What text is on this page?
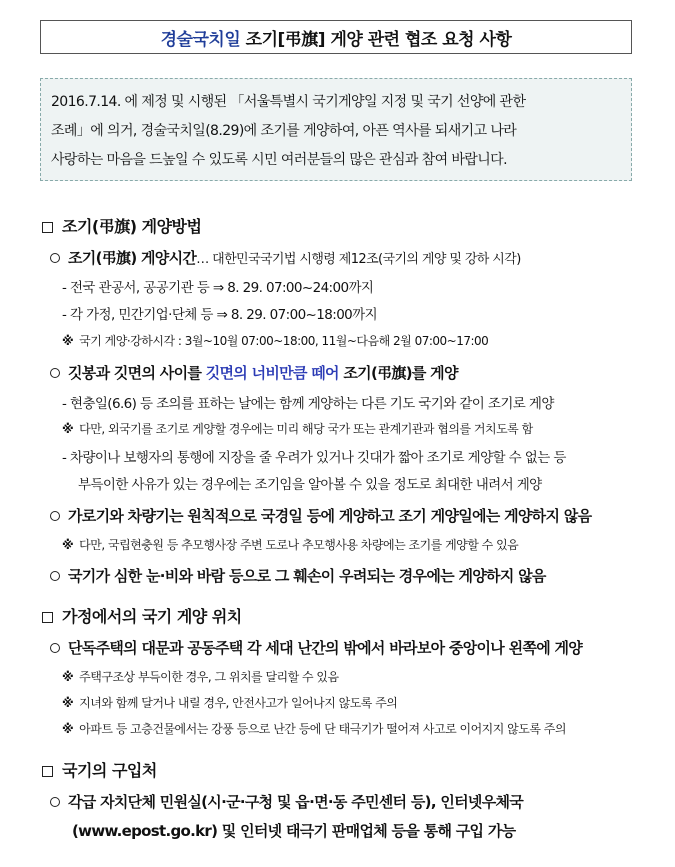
경술국치일 조기[弔旗] 게양 관련 협조 요청 사항
2016.7.14. 에 제정 및 시행된 「서울특별시 국기게양일 지정 및 국기 선양에 관한
조례」에 의거, 경술국치일(8.29)에 조기를 게양하여, 아픈 역사를 되새기고 나라
사랑하는 마음을 드높일 수 있도록 시민 여러분들의 많은 관심과 참여 바랍니다.
조기(弔旗) 게양방법
조기(弔旗) 게양시간… 대한민국국기법 시행령 제12조(국기의 게양 및 강하 시각)
- 전국 관공서, 공공기관 등 ⇒ 8. 29. 07:00~24:00까지
- 각 가정, 민간기업·단체 등 ⇒ 8. 29. 07:00~18:00까지
※ 국기 게양·강하시각 : 3월~10월 07:00~18:00, 11월~다음해 2월 07:00~17:00
깃봉과 깃면의 사이를 깃면의 너비만큼 떼어 조기(弔旗)를 게양
- 현충일(6.6) 등 조의를 표하는 날에는 함께 게양하는 다른 기도 국기와 같이 조기로 게양
※ 다만, 외국기를 조기로 게양할 경우에는 미리 해당 국가 또는 관계기관과 협의를 거치도록 함
- 차량이나 보행자의 통행에 지장을 줄 우려가 있거나 깃대가 짧아 조기로 게양할 수 없는 등
부득이한 사유가 있는 경우에는 조기임을 알아볼 수 있을 정도로 최대한 내려서 게양
가로기와 차량기는 원칙적으로 국경일 등에 게양하고 조기 게양일에는 게양하지 않음
※ 다만, 국립현충원 등 추모행사장 주변 도로나 추모행사용 차량에는 조기를 게양할 수 있음
국기가 심한 눈·비와 바람 등으로 그 훼손이 우려되는 경우에는 게양하지 않음
가정에서의 국기 게양 위치
단독주택의 대문과 공동주택 각 세대 난간의 밖에서 바라보아 중앙이나 왼쪽에 게양
※ 주택구조상 부득이한 경우, 그 위치를 달리할 수 있음
※ 지녀와 함께 달거나 내릴 경우, 안전사고가 일어나지 않도록 주의
※ 아파트 등 고층건물에서는 강풍 등으로 난간 등에 단 태극기가 떨어져 사고로 이어지지 않도록 주의
국기의 구입처
각급 자치단체 민원실(시·군·구청 및 읍·면·동 주민센터 등), 인터넷우체국
(www.epost.go.kr) 및 인터넷 태극기 판매업체 등을 통해 구입 가능
